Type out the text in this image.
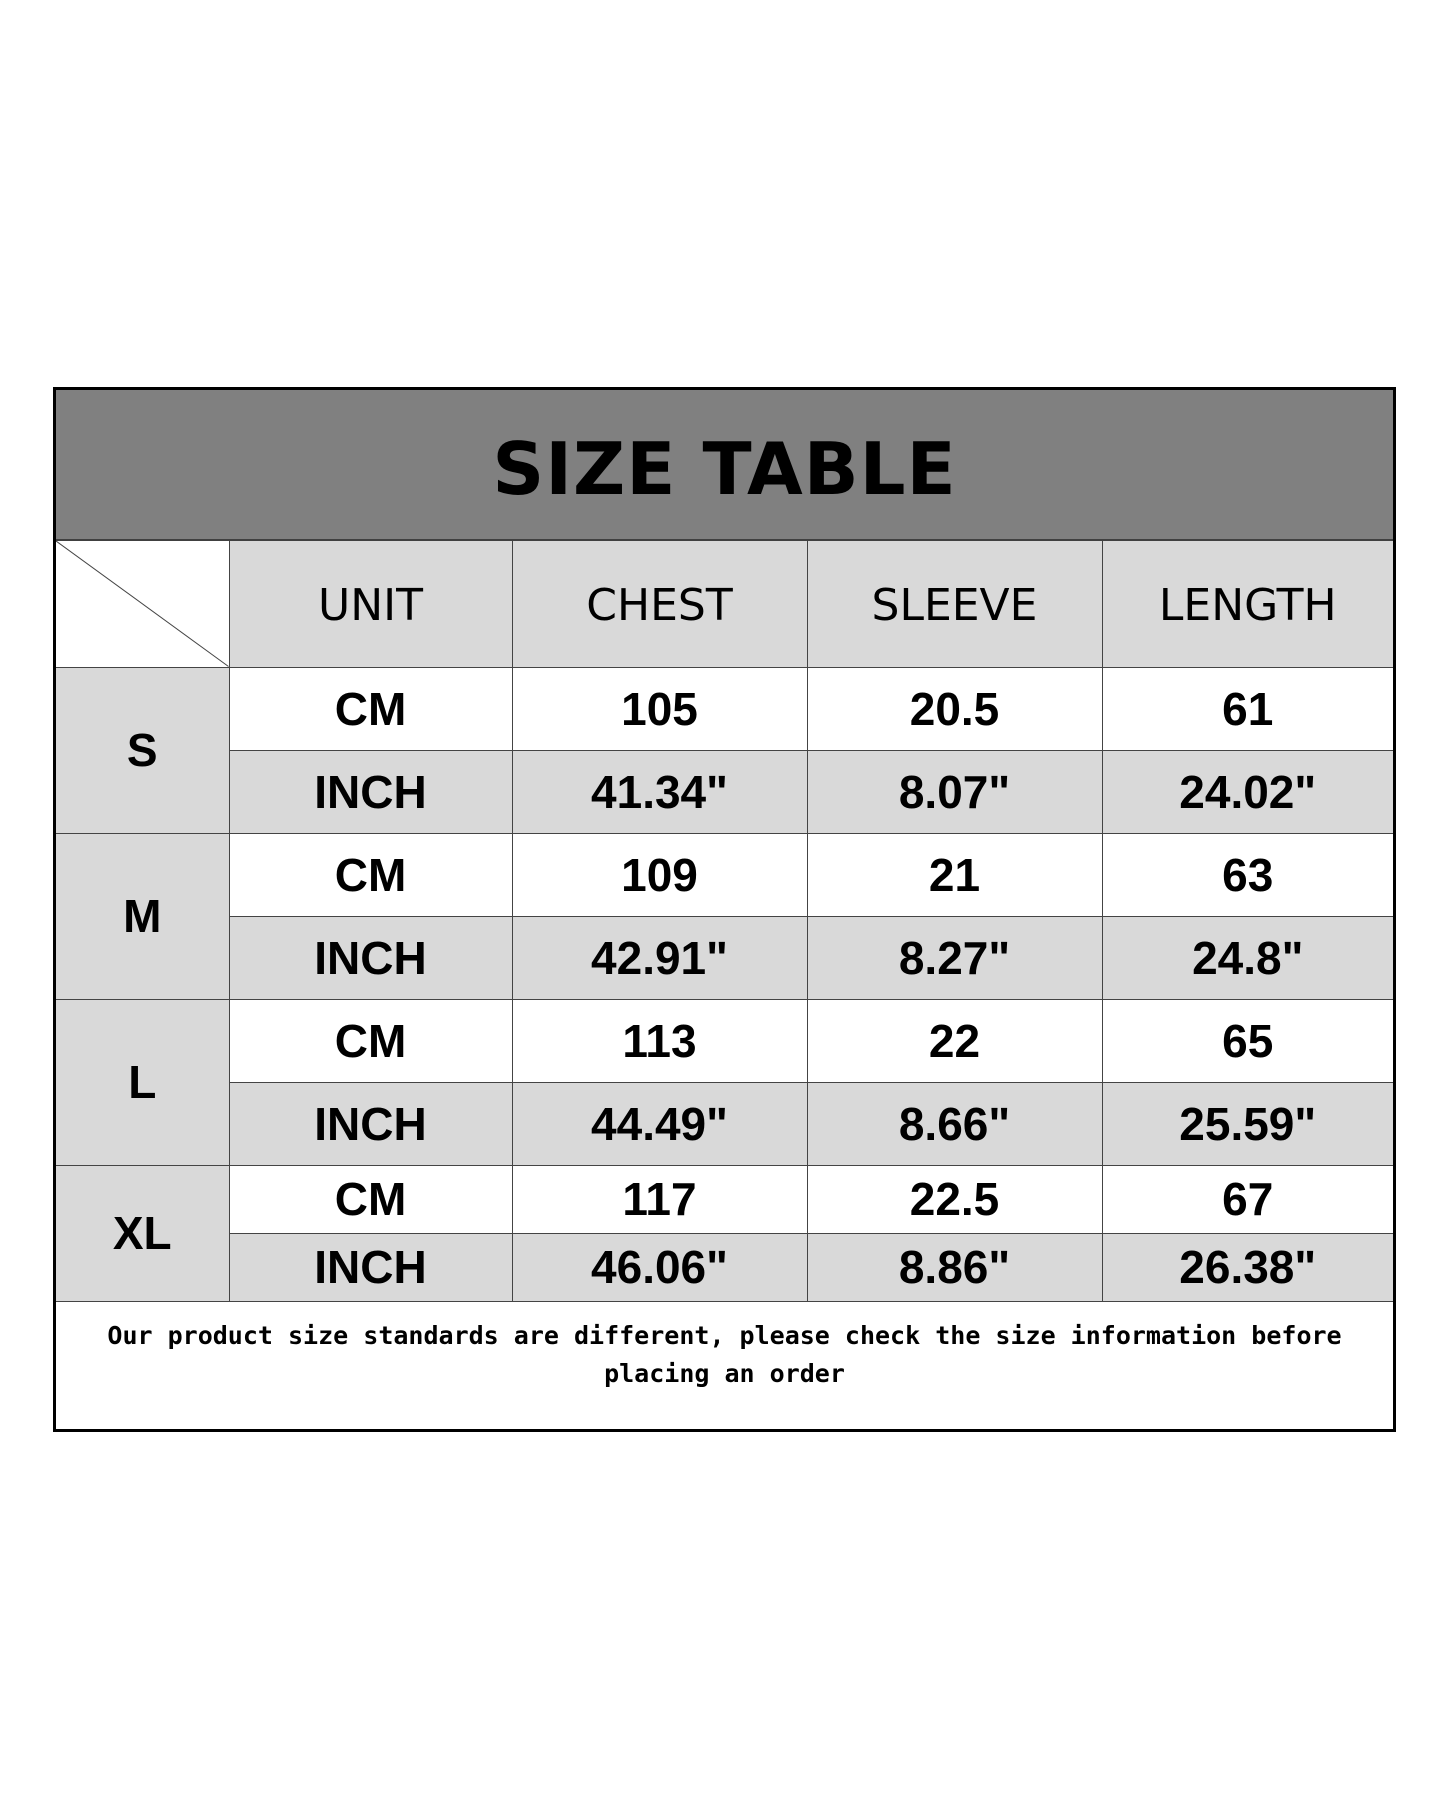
SIZE TABLE
	UNIT	CHEST	SLEEVE	LENGTH
S	CM	105	20.5	61
	INCH	41.34"	8.07"	24.02"
M	CM	109	21	63
	INCH	42.91"	8.27"	24.8"
L	CM	113	22	65
	INCH	44.49"	8.66"	25.59"
XL	CM	117	22.5	67
	INCH	46.06"	8.86"	26.38"
Our product size standards are different, please check the size information before placing an order
